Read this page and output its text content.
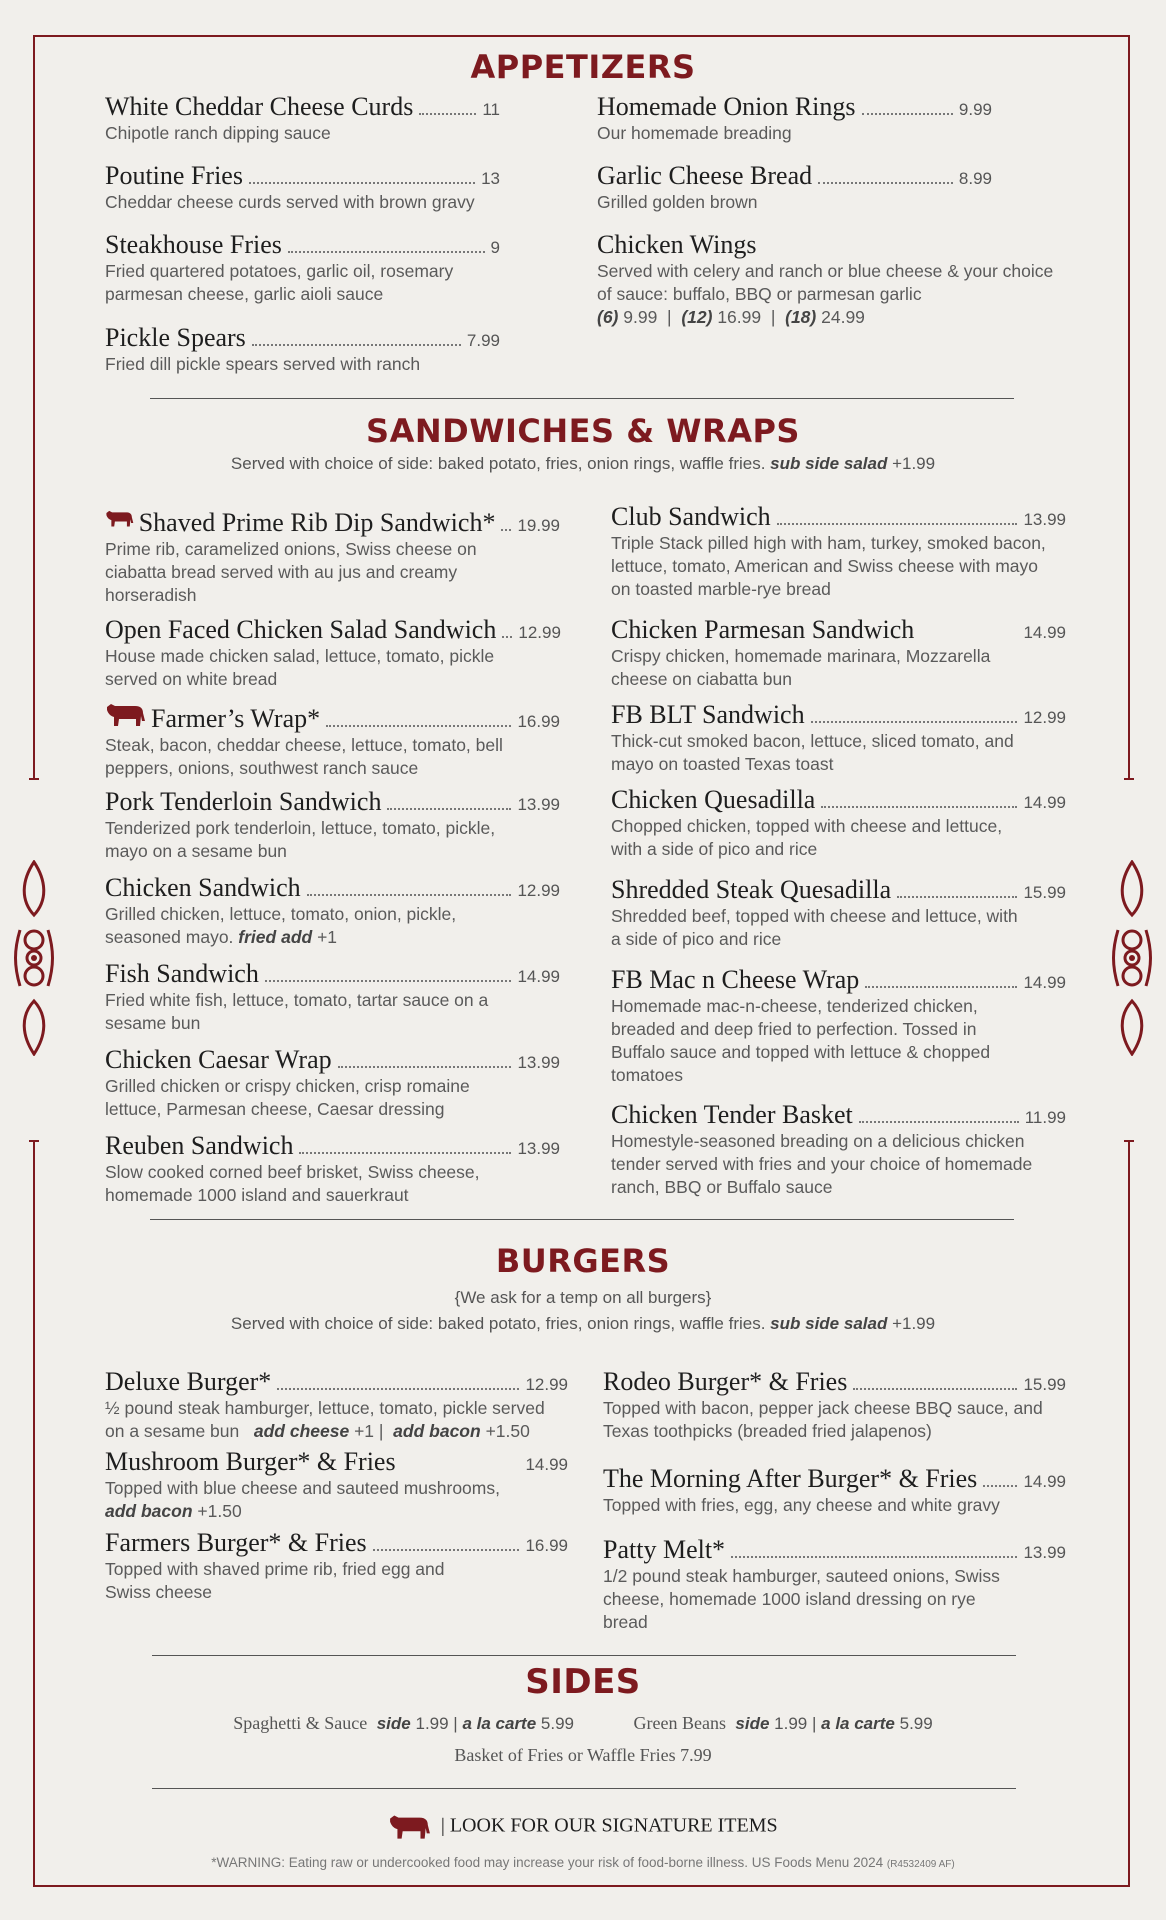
APPETIZERS
White Cheddar Cheese Curds	11
Chipotle ranch dipping sauce
Poutine Fries	13
Cheddar cheese curds served with brown gravy
Steakhouse Fries	9
Fried quartered potatoes, garlic oil, rosemary parmesan cheese, garlic aioli sauce
Pickle Spears	7.99
Fried dill pickle spears served with ranch
Homemade Onion Rings	9.99
Our homemade breading
Garlic Cheese Bread	8.99
Grilled golden brown
Chicken Wings
Served with celery and ranch or blue cheese & your choice of sauce: buffalo, BBQ or parmesan garlic
(6) 9.99  |  (12) 16.99  |  (18) 24.99
SANDWICHES & WRAPS
Served with choice of side: baked potato, fries, onion rings, waffle fries. sub side salad +1.99
Shaved Prime Rib Dip Sandwich* 19.99
Prime rib, caramelized onions, Swiss cheese on ciabatta bread served with au jus and creamy horseradish
Open Faced Chicken Salad Sandwich 12.99
House made chicken salad, lettuce, tomato, pickle served on white bread
Farmer’s Wrap*	16.99
Steak, bacon, cheddar cheese, lettuce, tomato, bell peppers, onions, southwest ranch sauce
Pork Tenderloin Sandwich	13.99
Tenderized pork tenderloin, lettuce, tomato, pickle, mayo on a sesame bun
Chicken Sandwich	12.99
Grilled chicken, lettuce, tomato, onion, pickle, seasoned mayo. fried add +1
Fish Sandwich	14.99
Fried white fish, lettuce, tomato, tartar sauce on a sesame bun
Chicken Caesar Wrap	13.99
Grilled chicken or crispy chicken, crisp romaine lettuce, Parmesan cheese, Caesar dressing
Reuben Sandwich	13.99
Slow cooked corned beef brisket, Swiss cheese, homemade 1000 island and sauerkraut
Club Sandwich	13.99
Triple Stack pilled high with ham, turkey, smoked bacon, lettuce, tomato, American and Swiss cheese with mayo on toasted marble-rye bread
Chicken Parmesan Sandwich	14.99
Crispy chicken, homemade marinara, Mozzarella cheese on ciabatta bun
FB BLT Sandwich	12.99
Thick-cut smoked bacon, lettuce, sliced tomato, and mayo on toasted Texas toast
Chicken Quesadilla	14.99
Chopped chicken, topped with cheese and lettuce, with a side of pico and rice
Shredded Steak Quesadilla	15.99
Shredded beef, topped with cheese and lettuce, with a side of pico and rice
FB Mac n Cheese Wrap	14.99
Homemade mac-n-cheese, tenderized chicken, breaded and deep fried to perfection. Tossed in Buffalo sauce and topped with lettuce & chopped tomatoes
Chicken Tender Basket	11.99
Homestyle-seasoned breading on a delicious chicken tender served with fries and your choice of homemade ranch, BBQ or Buffalo sauce
BURGERS
{We ask for a temp on all burgers}
Served with choice of side: baked potato, fries, onion rings, waffle fries. sub side salad +1.99
Deluxe Burger*	12.99
½ pound steak hamburger, lettuce, tomato, pickle served on a sesame bun add cheese +1 | add bacon +1.50
Mushroom Burger* & Fries	14.99
Topped with blue cheese and sauteed mushrooms,
add bacon +1.50
Farmers Burger* & Fries	16.99
Topped with shaved prime rib, fried egg and Swiss cheese
Rodeo Burger* & Fries	15.99
Topped with bacon, pepper jack cheese BBQ sauce, and Texas toothpicks (breaded fried jalapenos)
The Morning After Burger* & Fries	14.99
Topped with fries, egg, any cheese and white gravy
Patty Melt*	13.99
1/2 pound steak hamburger, sauteed onions, Swiss cheese, homemade 1000 island dressing on rye bread
SIDES
Spaghetti & Sauce side 1.99 | a la carte 5.99	Green Beans side 1.99 | a la carte 5.99
Basket of Fries or Waffle Fries 7.99
| LOOK FOR OUR SIGNATURE ITEMS
*WARNING: Eating raw or undercooked food may increase your risk of food-borne illness. US Foods Menu 2024 (R4532409 AF)
